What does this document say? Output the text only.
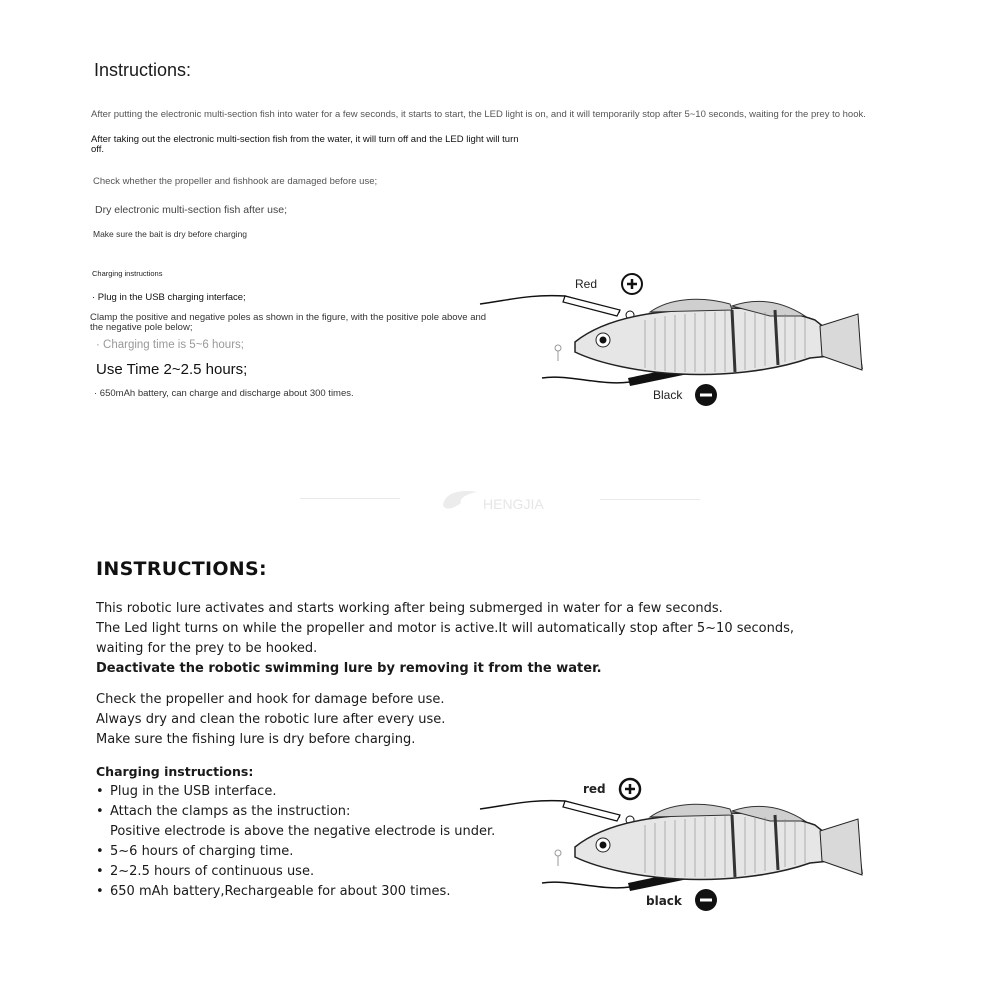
Instructions:
After putting the electronic multi-section fish into water for a few seconds, it starts to start, the LED light is on, and it will temporarily stop after 5~10 seconds, waiting for the prey to hook.
After taking out the electronic multi-section fish from the water, it will turn off and the LED light will turn off.
Check whether the propeller and fishhook are damaged before use;
Dry electronic multi-section fish after use;
Make sure the bait is dry before charging
Charging instructions
· Plug in the USB charging interface;
Clamp the positive and negative poles as shown in the figure, with the positive pole above and the negative pole below;
· Charging time is 5~6 hours;
Use Time 2~2.5 hours;
· 650mAh battery, can charge and discharge about 300 times.
Red
Black
HENGJIA
INSTRUCTIONS:
This robotic lure activates and starts working after being submerged in water for a few seconds.
The Led light turns on while the propeller and motor is active.It will automatically stop after 5~10 seconds,
waiting for the prey to be hooked.
Deactivate the robotic swimming lure by removing it from the water.
Check the propeller and hook for damage before use.
Always dry and clean the robotic lure after every use.
Make sure the fishing lure is dry before charging.
Charging instructions:
• Plug in the USB interface.
• Attach the clamps as the instruction:
Positive electrode is above the negative electrode is under.
• 5~6 hours of charging time.
• 2~2.5 hours of continuous use.
• 650 mAh battery,Rechargeable for about 300 times.
red
black
